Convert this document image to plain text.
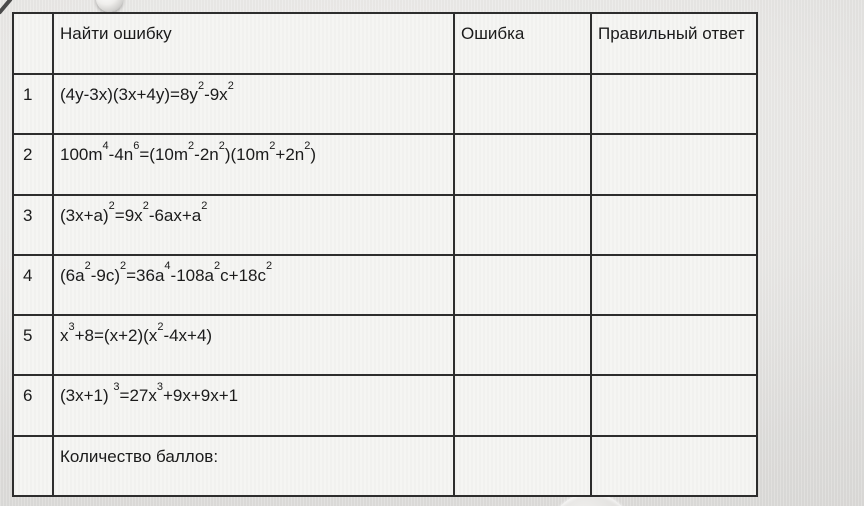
	Найти ошибку	Ошибка	Правильный ответ
1	$(4y-3x)(3x+4y)=8y^2-9x^2$		
2	$100m^4-4n^6=(10m^2-2n^2)(10m^2+2n^2)$		
3	$(3x+a)^2=9x^2-6ax+a^2$		
4	$(6a^2-9c)^2=36a^4-108a^2c+18c^2$		
5	$x^3+8=(x+2)(x^2-4x+4)$		
6	(3x+1) $^3=27x^3+9x+9x+1$		
	Количество баллов:		
